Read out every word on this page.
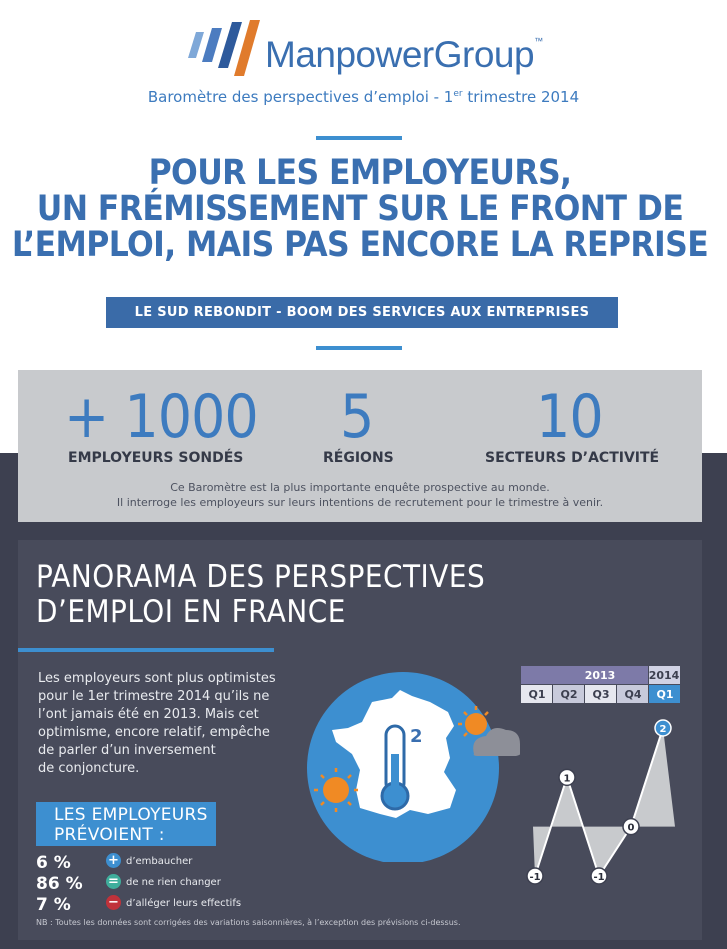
ManpowerGroup™
Baromètre des perspectives d’emploi - 1er trimestre 2014
POUR LES EMPLOYEURS,
UN FRÉMISSEMENT SUR LE FRONT DE
L’EMPLOI, MAIS PAS ENCORE LA REPRISE
LE SUD REBONDIT - BOOM DES SERVICES AUX ENTREPRISES
+ 1000
EMPLOYEURS SONDÉS
5
RÉGIONS
10
SECTEURS D’ACTIVITÉ
Ce Baromètre est la plus importante enquête prospective au monde.
Il interroge les employeurs sur leurs intentions de recrutement pour le trimestre à venir.
PANORAMA DES PERSPECTIVES
D’EMPLOI EN FRANCE
Les employeurs sont plus optimistes
pour le 1er trimestre 2014 qu’ils ne
l’ont jamais été en 2013. Mais cet
optimisme, encore relatif, empêche
de parler d’un inversement
de conjoncture.
LES EMPLOYEURS
PRÉVOIENT :
6 %	+ d’embaucher
86 % = de ne rien changer
7 %	− d’alléger leurs effectifs
2
2013	2014
Q1 Q2 Q3 Q4 Q1
-1
1
-1
0
2
NB : Toutes les données sont corrigées des variations saisonnières, à l’exception des prévisions ci-dessus.
